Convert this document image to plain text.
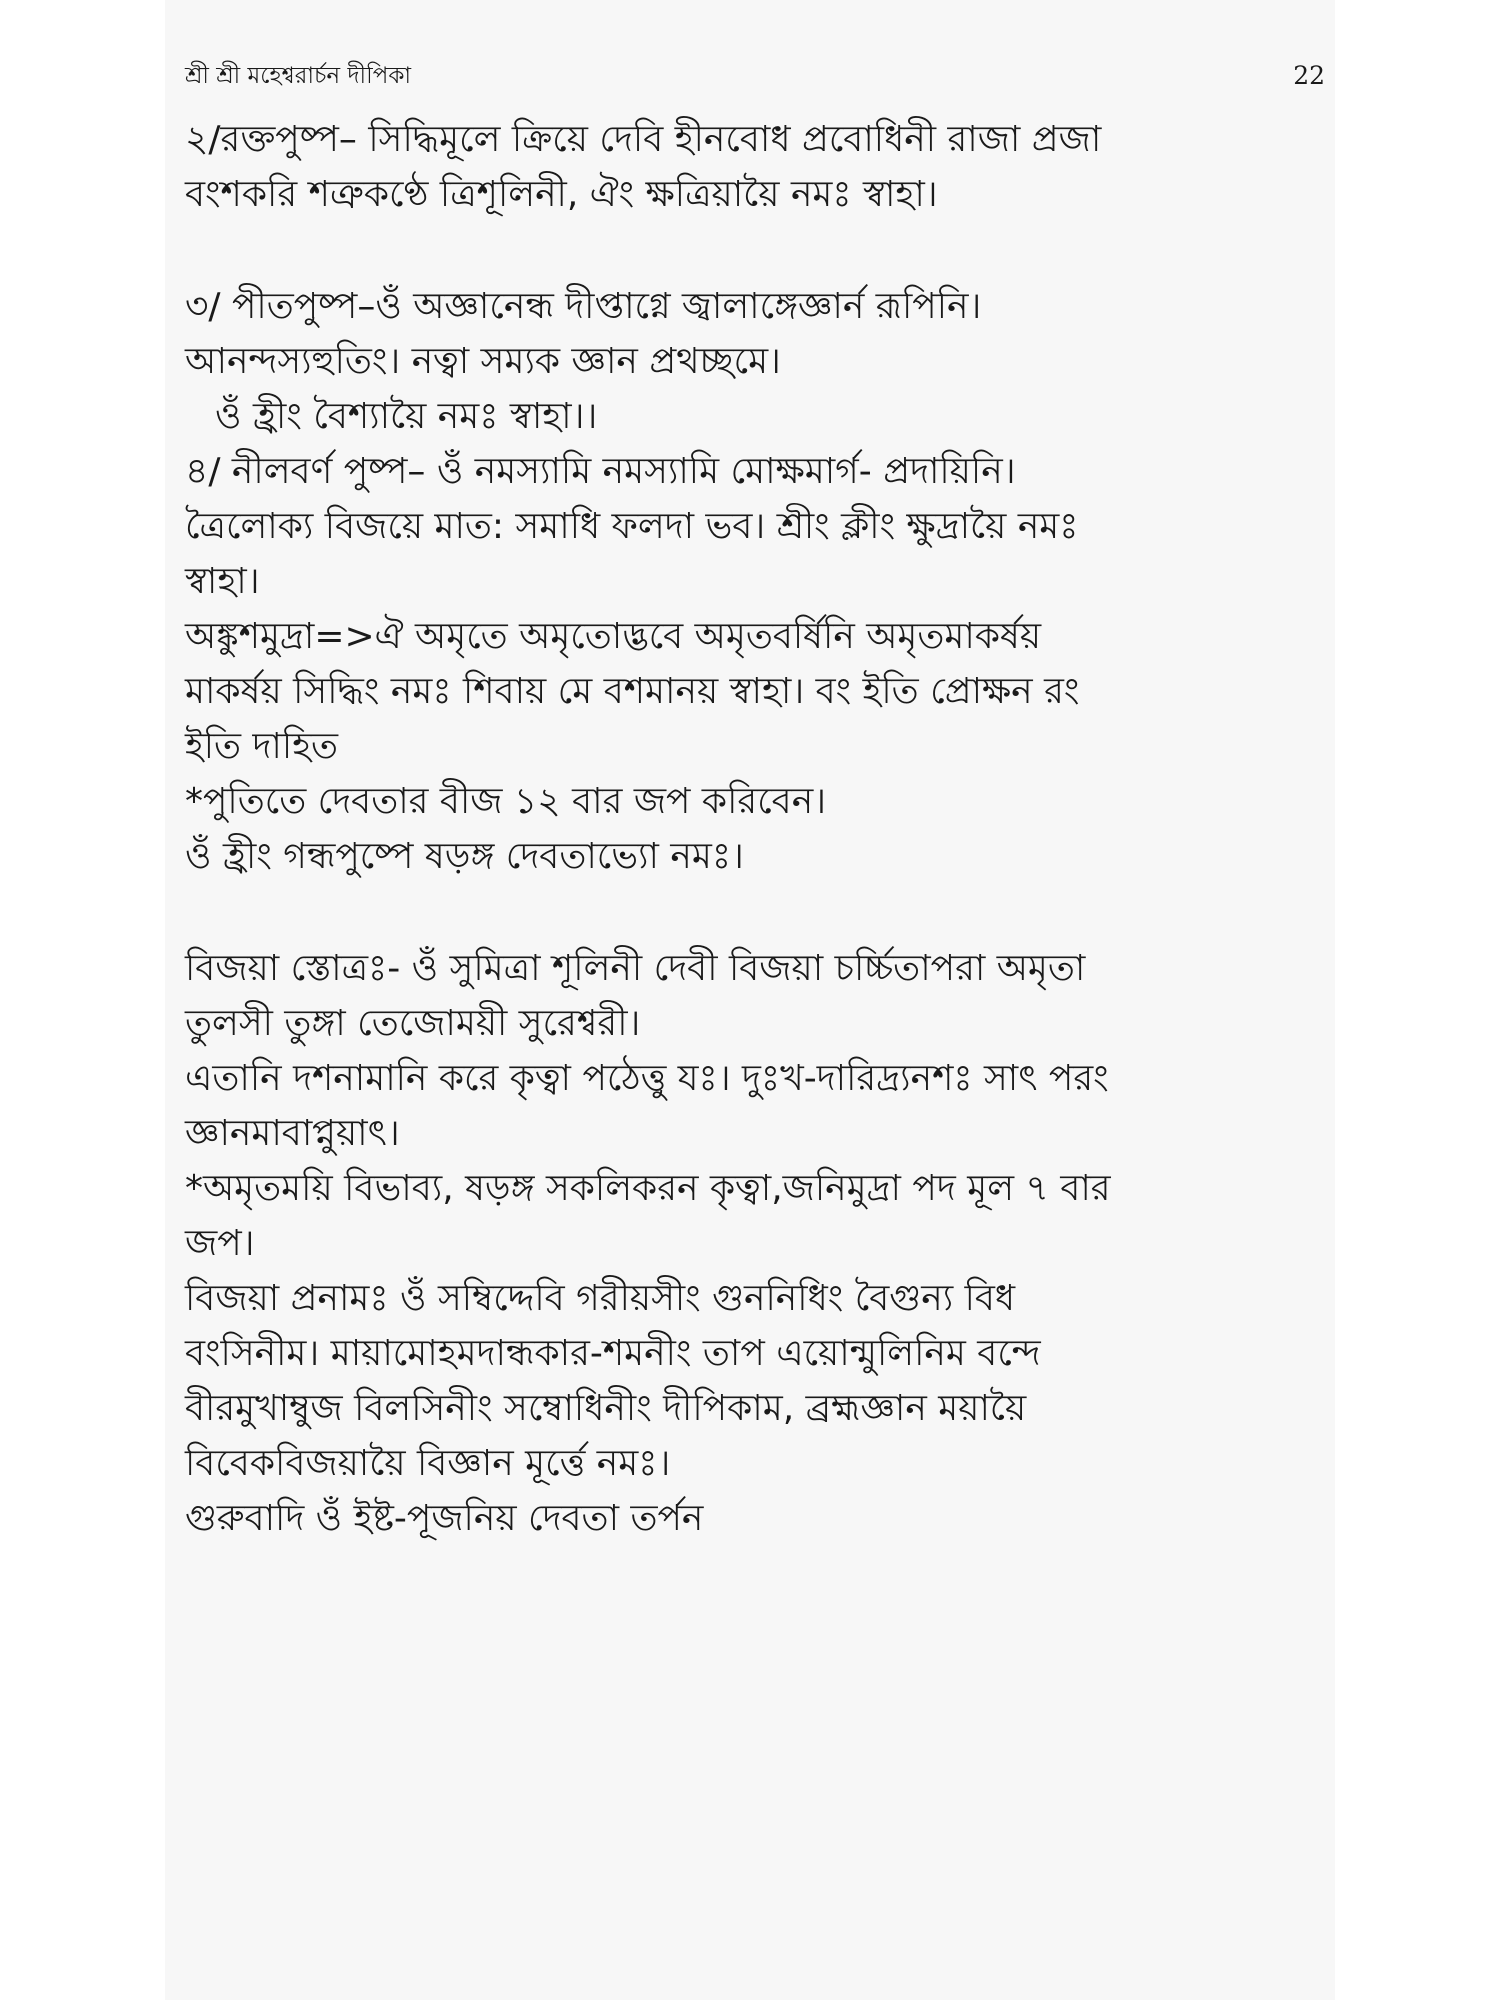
শ্রী শ্রী মহেশ্বরার্চন দীপিকা	22
২/রক্তপুষ্প– সিদ্ধিমূলে ক্রিয়ে দেবি হীনবোধ প্রবোধিনী রাজা প্রজা
বংশকরি শত্রুকণ্ঠে ত্রিশূলিনী, ঐং ক্ষত্রিয়ায়ৈ নমঃ স্বাহা।
৩/ পীতপুষ্প–ওঁ অজ্ঞানেন্ধ দীপ্তাগ্নে জ্বালাঙ্গেজ্ঞার্ন রূপিনি।
আনন্দস্যহুতিং। নত্বা সম্যক জ্ঞান প্রথচ্ছমে।
ওঁ হ্রীং বৈশ্যায়ৈ নমঃ স্বাহা।।
৪/ নীলবর্ণ পুষ্প– ওঁ নমস্যামি নমস্যামি মোক্ষমার্গ- প্রদায়িনি।
ত্রৈলোক্য বিজয়ে মাত: সমাধি ফলদা ভব। শ্রীং ক্লীং ক্ষুদ্রায়ৈ নমঃ
স্বাহা।
অঙ্কুশমুদ্রা=>ঐ অমৃতে অমৃতোদ্ভবে অমৃতবর্ষিনি অমৃতমাকর্ষয়
মাকর্ষয় সিদ্ধিং নমঃ শিবায় মে বশমানয় স্বাহা। বং ইতি প্রোক্ষন রং
ইতি দাহিত
*পুতিতে দেবতার বীজ ১২ বার জপ করিবেন।
ওঁ হ্রীং গন্ধপুষ্পে ষড়ঙ্গ দেবতাভ্যো নমঃ।
বিজয়া স্তোত্রঃ- ওঁ সুমিত্রা শূলিনী দেবী বিজয়া চর্চ্চিতাপরা অমৃতা
তুলসী তুঙ্গা তেজোময়ী সুরেশ্বরী।
এতানি দশনামানি করে কৃত্বা পঠেত্তু যঃ। দুঃখ-দারিদ্র্যনশঃ সাৎ পরং
জ্ঞানমাবাপ্নুয়াৎ।
*অমৃতময়ি বিভাব্য, ষড়ঙ্গ সকলিকরন কৃত্বা,জনিমুদ্রা পদ মূল ৭ বার
জপ।
বিজয়া প্রনামঃ ওঁ সম্বিদ্দেবি গরীয়সীং গুননিধিং বৈগুন্য বিধ
বংসিনীম। মায়ামোহমদান্ধকার-শমনীং তাপ এয়োন্মুলিনিম বন্দে
বীরমুখাম্বুজ বিলসিনীং সম্বোধিনীং দীপিকাম, ব্রহ্মজ্ঞান ময়ায়ৈ
বিবেকবিজয়ায়ৈ বিজ্ঞান মূর্ত্তে নমঃ।
গুরুবাদি ওঁ ইষ্ট-পূজনিয় দেবতা তর্পন
